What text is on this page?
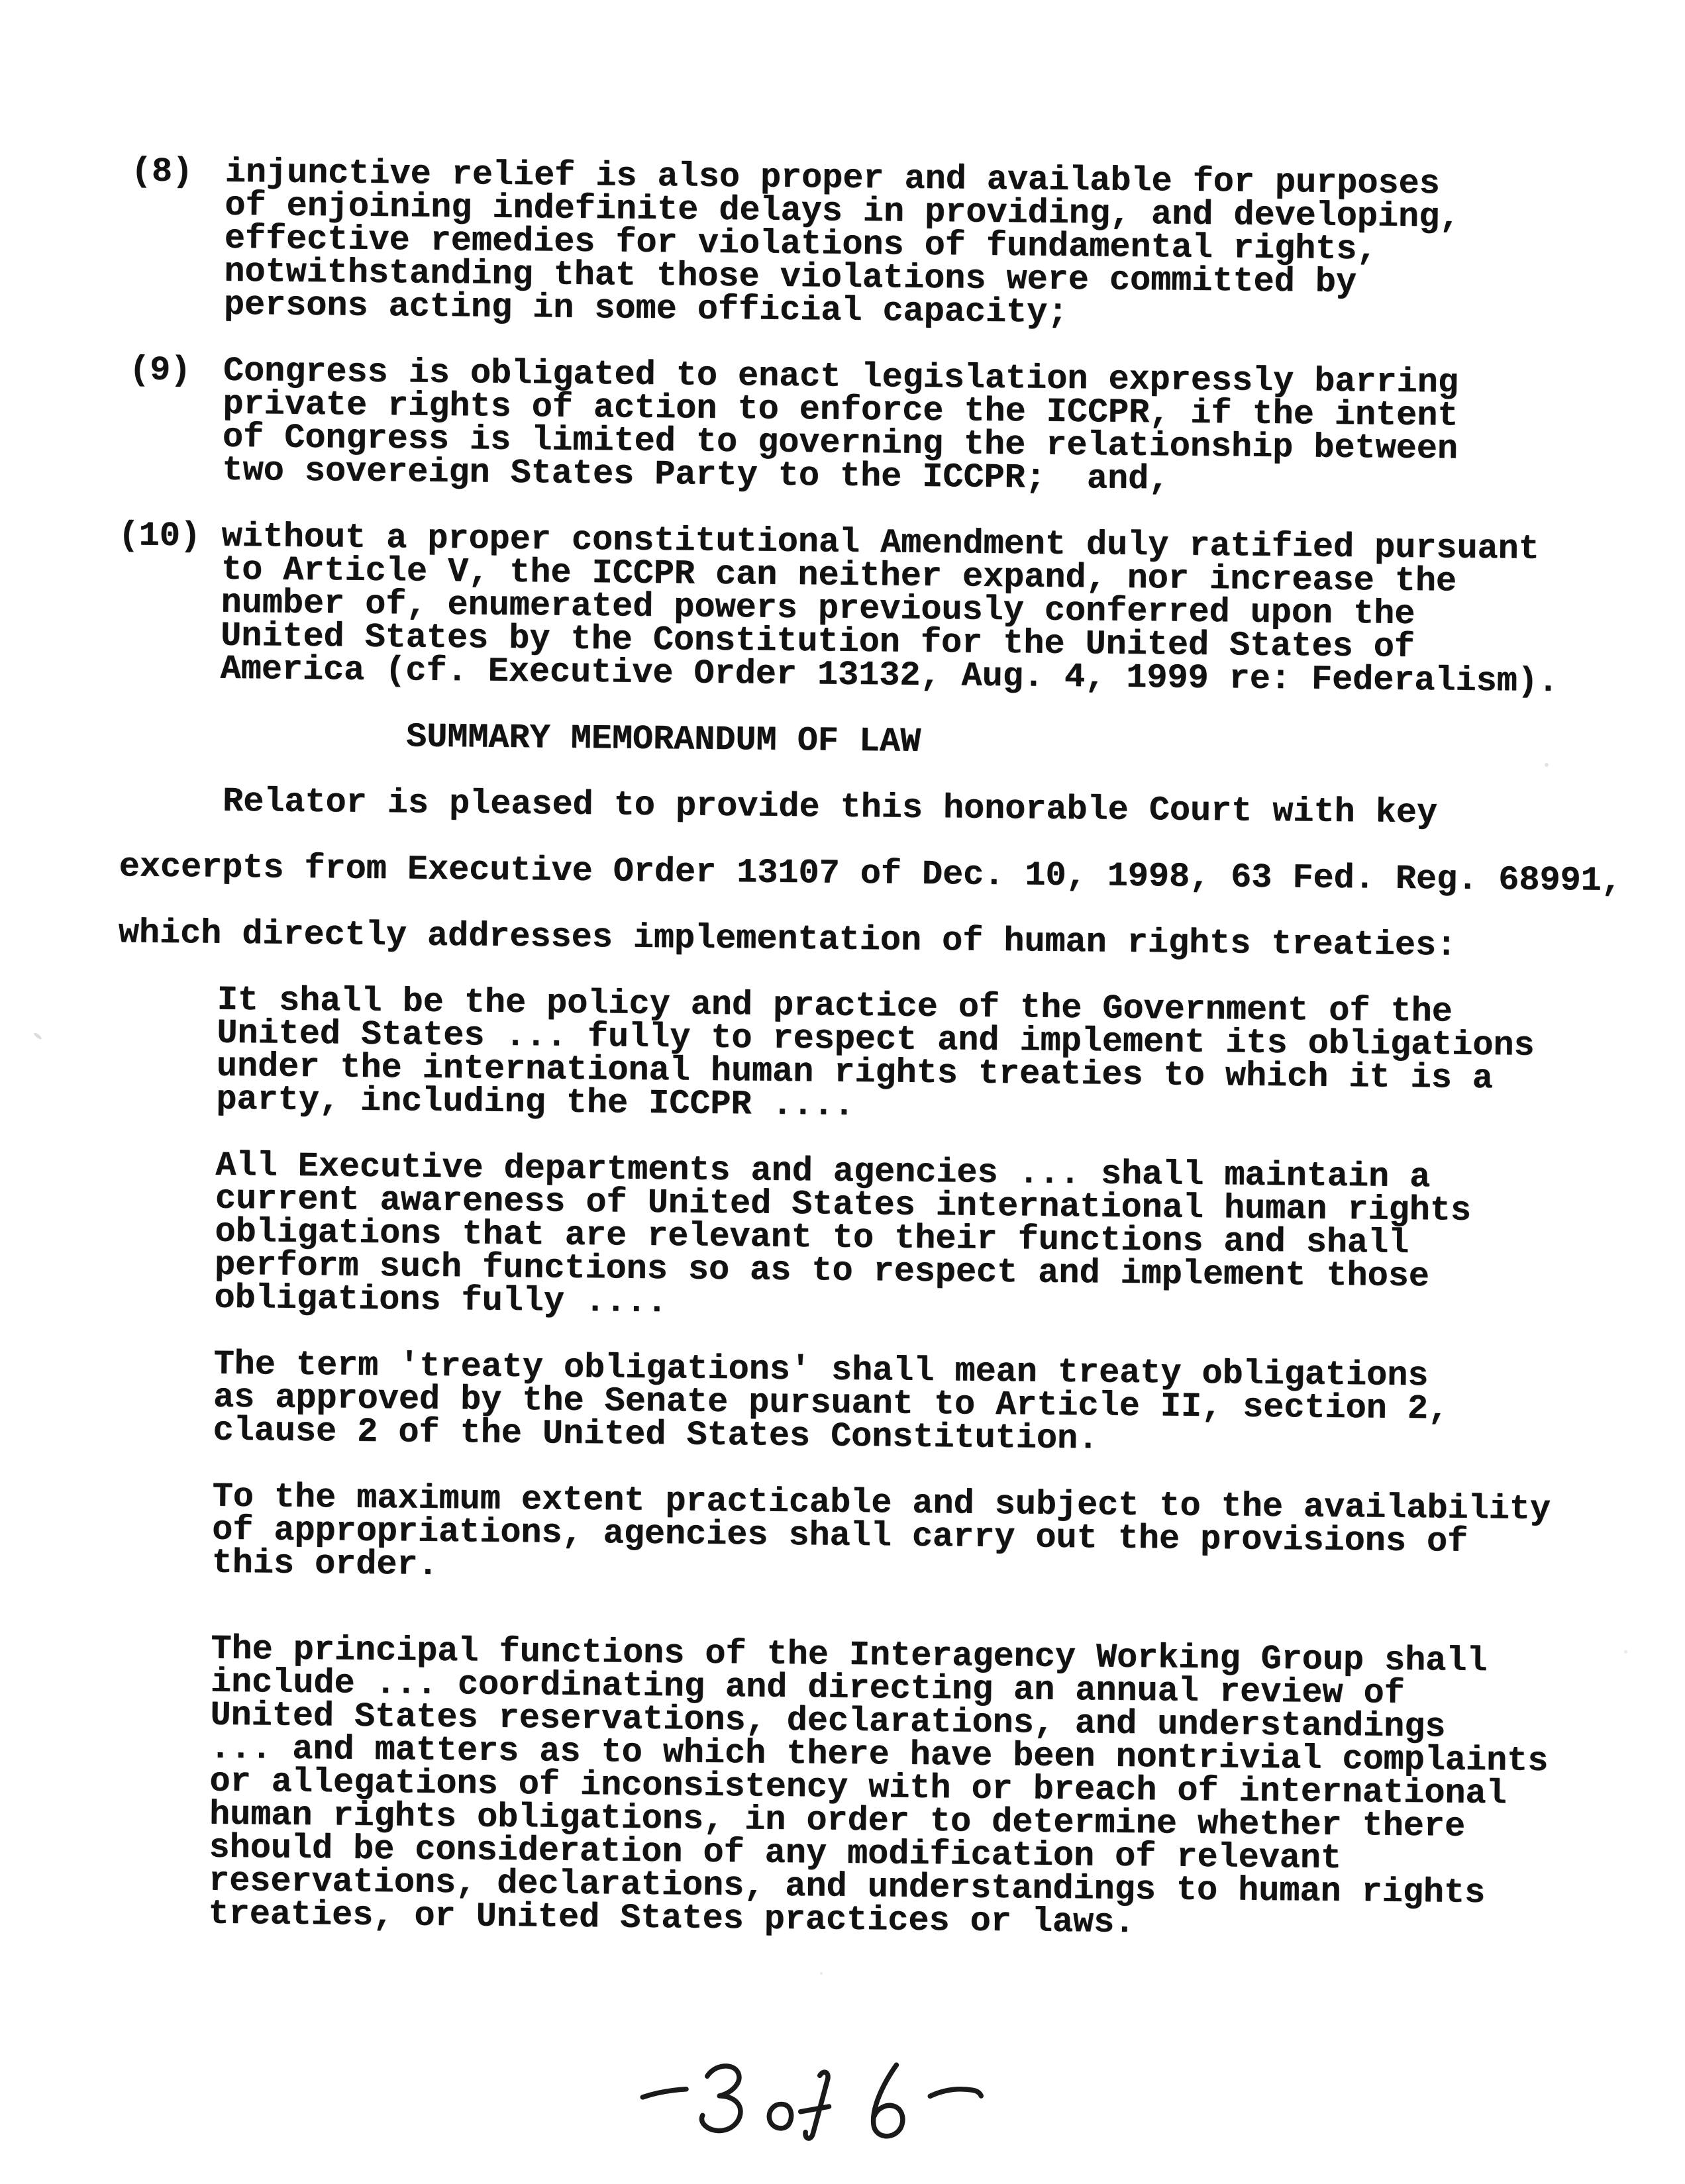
(8) injunctive relief is also proper and available for purposes
of enjoining indefinite delays in providing, and developing,
effective remedies for violations of fundamental rights,
notwithstanding that those violations were committed by
persons acting in some official capacity;
(9) Congress is obligated to enact legislation expressly barring
private rights of action to enforce the ICCPR, if the intent
of Congress is limited to governing the relationship between
two sovereign States Party to the ICCPR;  and,
(10) without a proper constitutional Amendment duly ratified pursuant
to Article V, the ICCPR can neither expand, nor increase the
number of, enumerated powers previously conferred upon the
United States by the Constitution for the United States of
America (cf. Executive Order 13132, Aug. 4, 1999 re: Federalism).
SUMMARY MEMORANDUM OF LAW
Relator is pleased to provide this honorable Court with key

excerpts from Executive Order 13107 of Dec. 10, 1998, 63 Fed. Reg. 68991,

which directly addresses implementation of human rights treaties:
It shall be the policy and practice of the Government of the
United States ... fully to respect and implement its obligations
under the international human rights treaties to which it is a
party, including the ICCPR ....
All Executive departments and agencies ... shall maintain a
current awareness of United States international human rights
obligations that are relevant to their functions and shall
perform such functions so as to respect and implement those
obligations fully ....
The term 'treaty obligations' shall mean treaty obligations
as approved by the Senate pursuant to Article II, section 2,
clause 2 of the United States Constitution.
To the maximum extent practicable and subject to the availability
of appropriations, agencies shall carry out the provisions of
this order.
The principal functions of the Interagency Working Group shall
include ... coordinating and directing an annual review of
United States reservations, declarations, and understandings
... and matters as to which there have been nontrivial complaints
or allegations of inconsistency with or breach of international
human rights obligations, in order to determine whether there
should be consideration of any modification of relevant
reservations, declarations, and understandings to human rights
treaties, or United States practices or laws.
